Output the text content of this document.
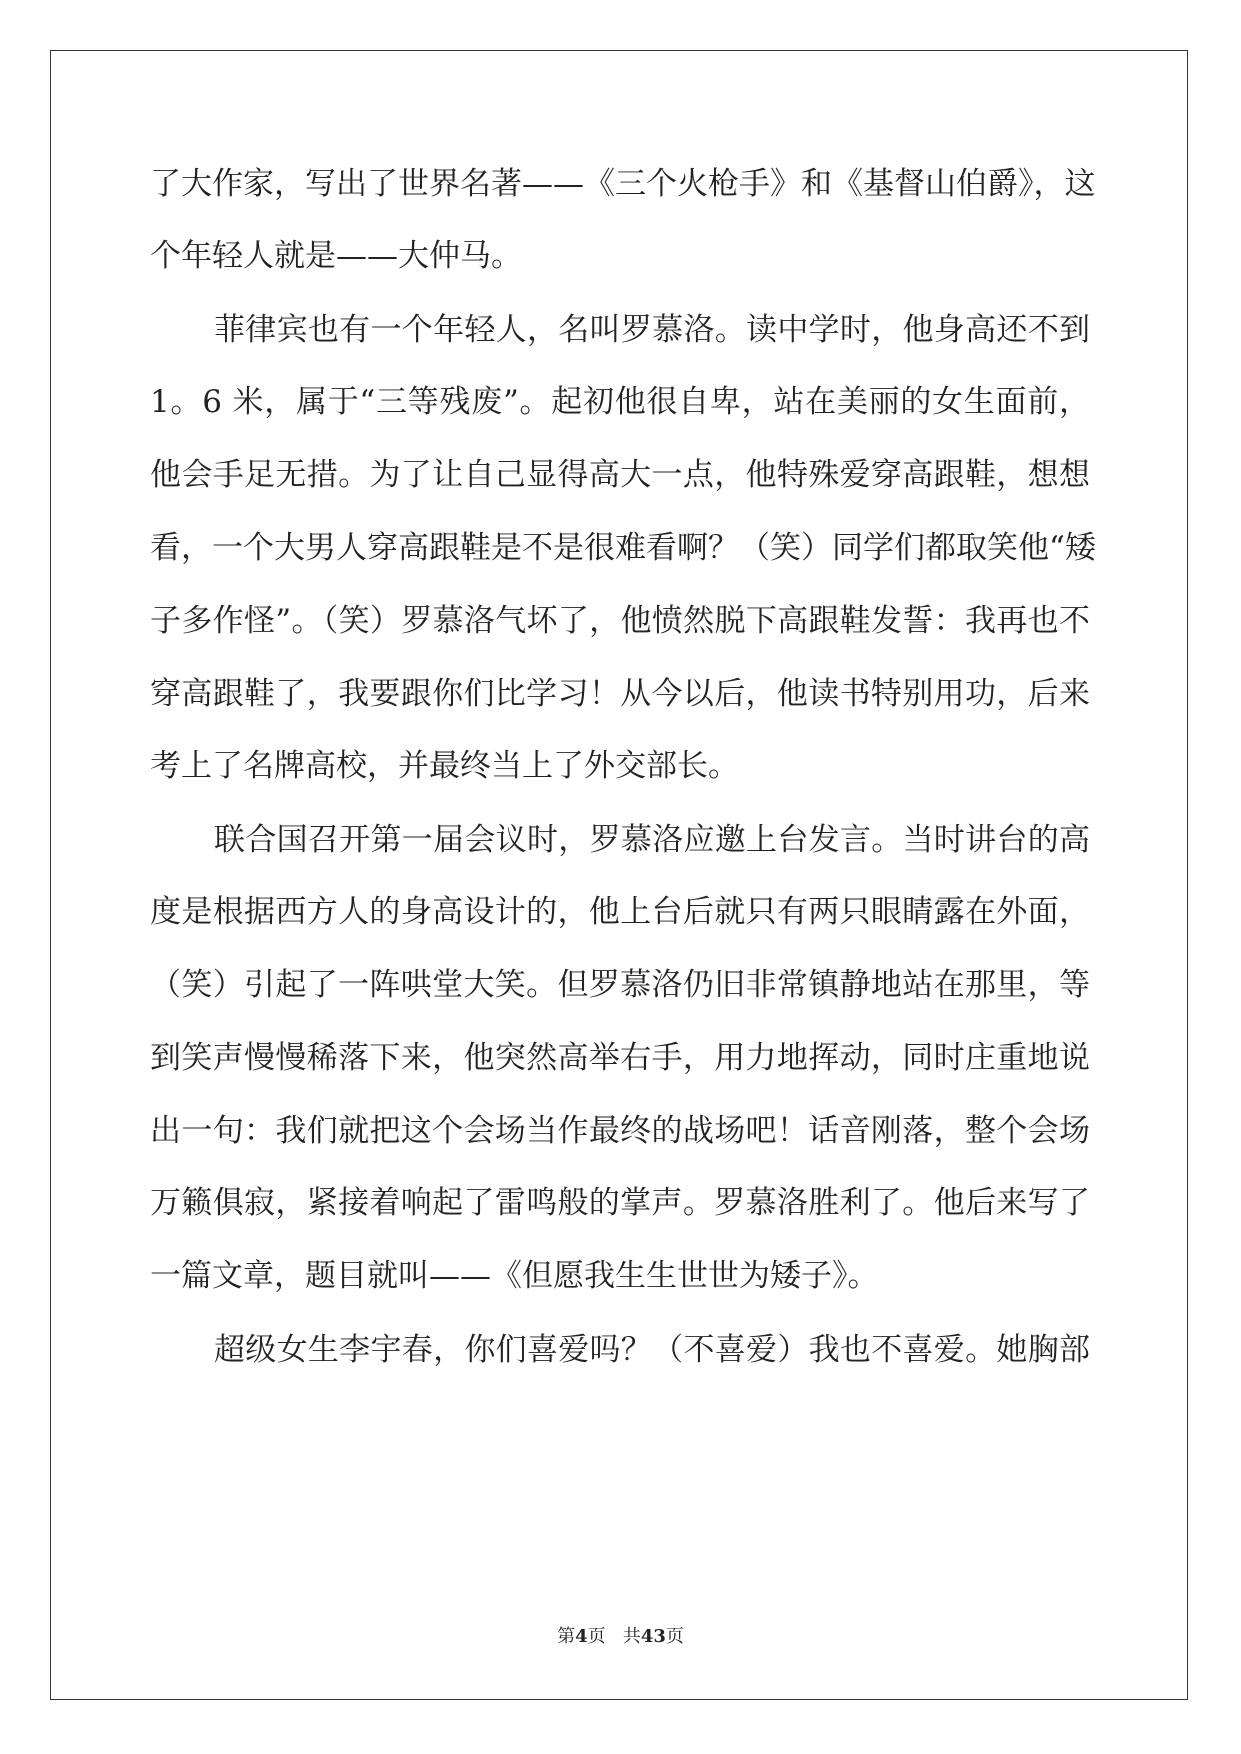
了大作家，写出了世界名著——《三个火枪手》和《基督山伯爵》，这
个年轻人就是——大仲马。
菲律宾也有一个年轻人，名叫罗慕洛。读中学时，他身高还不到
1。6 米，属于“三等残废”。起初他很自卑，站在美丽的女生面前，
他会手足无措。为了让自己显得高大一点，他特殊爱穿高跟鞋，想想
看，一个大男人穿高跟鞋是不是很难看啊？（笑）同学们都取笑他“矮
子多作怪”。（笑）罗慕洛气坏了，他愤然脱下高跟鞋发誓：我再也不
穿高跟鞋了，我要跟你们比学习！从今以后，他读书特别用功，后来
考上了名牌高校，并最终当上了外交部长。
联合国召开第一届会议时，罗慕洛应邀上台发言。当时讲台的高
度是根据西方人的身高设计的，他上台后就只有两只眼睛露在外面，
（笑）引起了一阵哄堂大笑。但罗慕洛仍旧非常镇静地站在那里，等
到笑声慢慢稀落下来，他突然高举右手，用力地挥动，同时庄重地说
出一句：我们就把这个会场当作最终的战场吧！话音刚落，整个会场
万籁俱寂，紧接着响起了雷鸣般的掌声。罗慕洛胜利了。他后来写了
一篇文章，题目就叫——《但愿我生生世世为矮子》。
超级女生李宇春，你们喜爱吗？（不喜爱）我也不喜爱。她胸部
第4页 共43页
